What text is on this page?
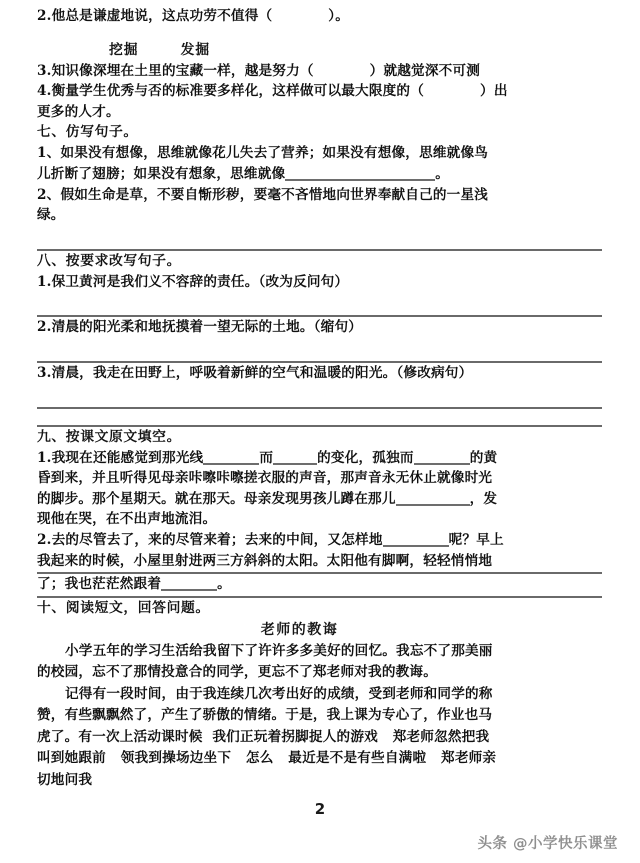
2.他总是谦虚地说，这点功劳不值得（	）。
挖掘	发掘
3.知识像深埋在土里的宝藏一样，越是努力（	）就越觉深不可测
4.衡量学生优秀与否的标准要多样化，这样做可以最大限度的（	）出
更多的人才。
七、仿写句子。
1、如果没有想像，思维就像花儿失去了营养；如果没有想像，思维就像鸟
儿折断了翅膀；如果没有想象，思维就像	。
2、假如生命是草，不要自惭形秽，要毫不吝惜地向世界奉献自己的一星浅
绿。
八、按要求改写句子。
1.保卫黄河是我们义不容辞的责任。（改为反问句）
2.清晨的阳光柔和地抚摸着一望无际的土地。（缩句）
3.清晨，我走在田野上，呼吸着新鲜的空气和温暖的阳光。（修改病句）
九、按课文原文填空。
1.我现在还能感觉到那光线	而	的变化，孤独而	的黄
昏到来，并且听得见母亲咔嚓咔嚓搓衣服的声音，那声音永无休止就像时光
的脚步。那个星期天。就在那天。母亲发现男孩儿蹲在那儿	，发
现他在哭，在不出声地流泪。
2.去的尽管去了，来的尽管来着；去来的中间，又怎样地	呢？早上
我起来的时候，小屋里射进两三方斜斜的太阳。太阳他有脚啊，轻轻悄悄地
了；我也茫茫然跟着	。
十、阅读短文，回答问题。
老师的教诲
小学五年的学习生活给我留下了许许多多美好的回忆。我忘不了那美丽
的校园，忘不了那情投意合的同学，更忘不了郑老师对我的教诲。
记得有一段时间，由于我连续几次考出好的成绩，受到老师和同学的称
赞，有些飘飘然了，产生了骄傲的情绪。于是，我上课为专心了，作业也马
虎了。有一次上活动课时候  我们正玩着拐脚捉人的游戏   郑老师忽然把我
叫到她跟前   领我到操场边坐下   怎么   最近是不是有些自满啦   郑老师亲
切地问我
2
头条 @小学快乐课堂
